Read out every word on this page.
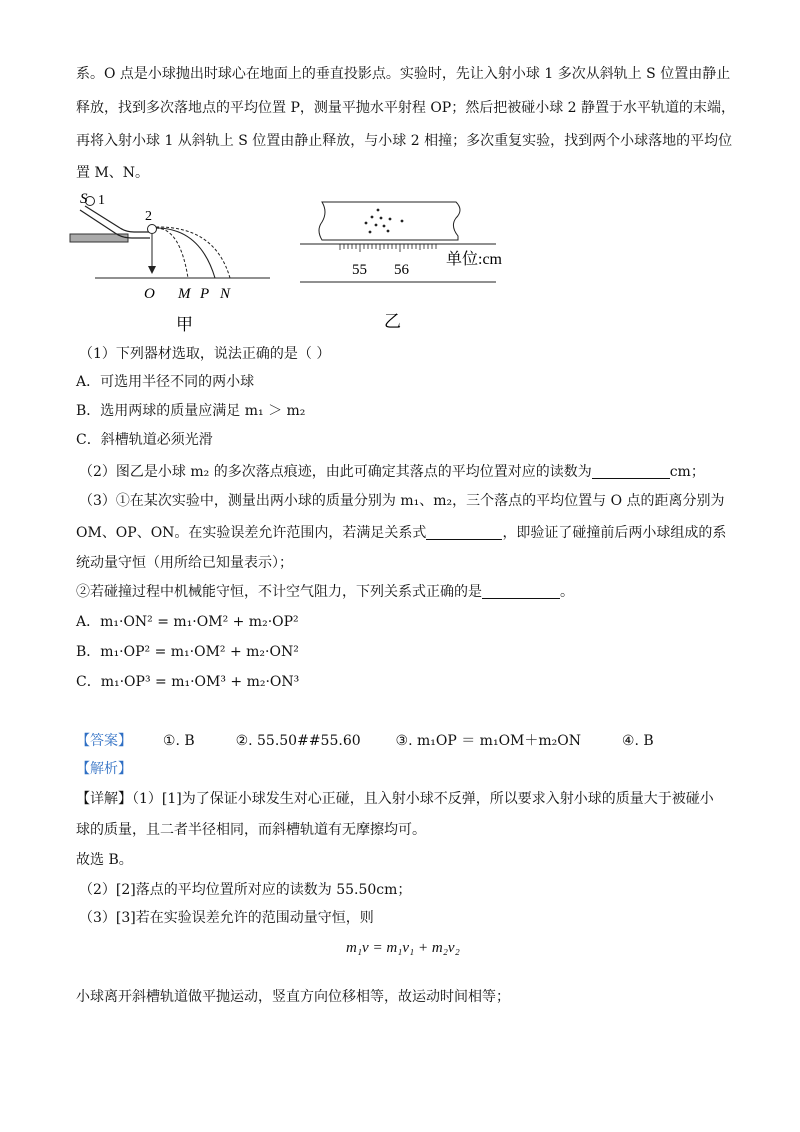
系。O 点是小球抛出时球心在地面上的垂直投影点。实验时，先让入射小球 1 多次从斜轨上 S 位置由静止
释放，找到多次落地点的平均位置 P，测量平抛水平射程 OP；然后把被碰小球 2 静置于水平轨道的末端，
再将入射小球 1 从斜轨上 S 位置由静止释放，与小球 2 相撞；多次重复实验，找到两个小球落地的平均位
置 M、N。
S 1
2
O M P N
甲
55 56
单位:cm
乙
（1）下列器材选取，说法正确的是（ ）
A．可选用半径不同的两小球
B．选用两球的质量应满足 m₁ ＞ m₂
C．斜槽轨道必须光滑
（2）图乙是小球 m₂ 的多次落点痕迹，由此可确定其落点的平均位置对应的读数为	cm；
（3）①在某次实验中，测量出两小球的质量分别为 m₁、m₂，三个落点的平均位置与 O 点的距离分别为
OM、OP、ON。在实验误差允许范围内，若满足关系式	，即验证了碰撞前后两小球组成的系
统动量守恒（用所给已知量表示）；
②若碰撞过程中机械能守恒，不计空气阻力，下列关系式正确的是	。
A．m₁·ON² = m₁·OM² + m₂·OP²
B．m₁·OP² = m₁·OM² + m₂·ON²
C．m₁·OP³ = m₁·OM³ + m₂·ON³
【答案】 ①. B	②. 55.50##55.60 ③. m₁OP ＝ m₁OM＋m₂ON	④. B
【解析】
【详解】（1）[1]为了保证小球发生对心正碰，且入射小球不反弹，所以要求入射小球的质量大于被碰小
球的质量，且二者半径相同，而斜槽轨道有无摩擦均可。
故选 B。
（2）[2]落点的平均位置所对应的读数为 55.50cm；
（3）[3]若在实验误差允许的范围动量守恒，则
m₁v = m₁v₁ + m₂v₂
小球离开斜槽轨道做平抛运动，竖直方向位移相等，故运动时间相等；
